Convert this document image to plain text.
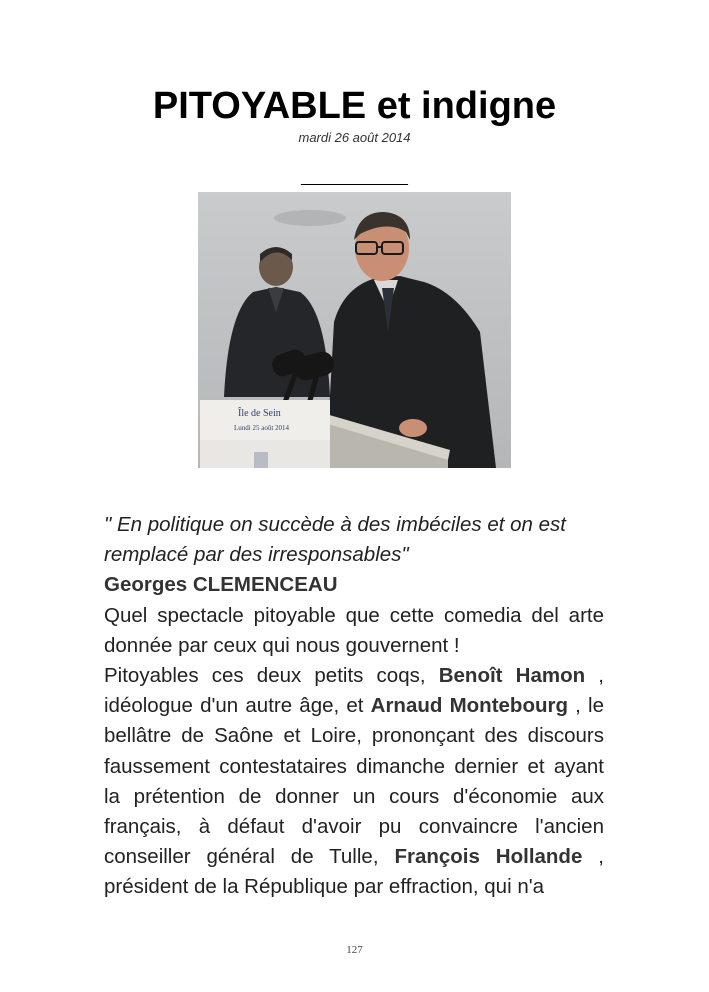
PITOYABLE et indigne
mardi 26 août 2014
____________
Île de Sein
Lundi 25 août 2014

" En politique on succède à des imbéciles et on est remplacé par des irresponsables"

Georges CLEMENCEAU

Quel spectacle pitoyable que cette comedia del arte donnée par ceux qui nous gouvernent !

Pitoyables ces deux petits coqs, Benoît Hamon , idéologue d'un autre âge, et Arnaud Montebourg , le bellâtre de Saône et Loire, prononçant des discours faussement contestataires dimanche dernier et ayant la prétention de donner un cours d'économie aux français, à défaut d'avoir pu convaincre l'ancien conseiller général de Tulle, François Hollande , président de la République par effraction, qui n'a

127
